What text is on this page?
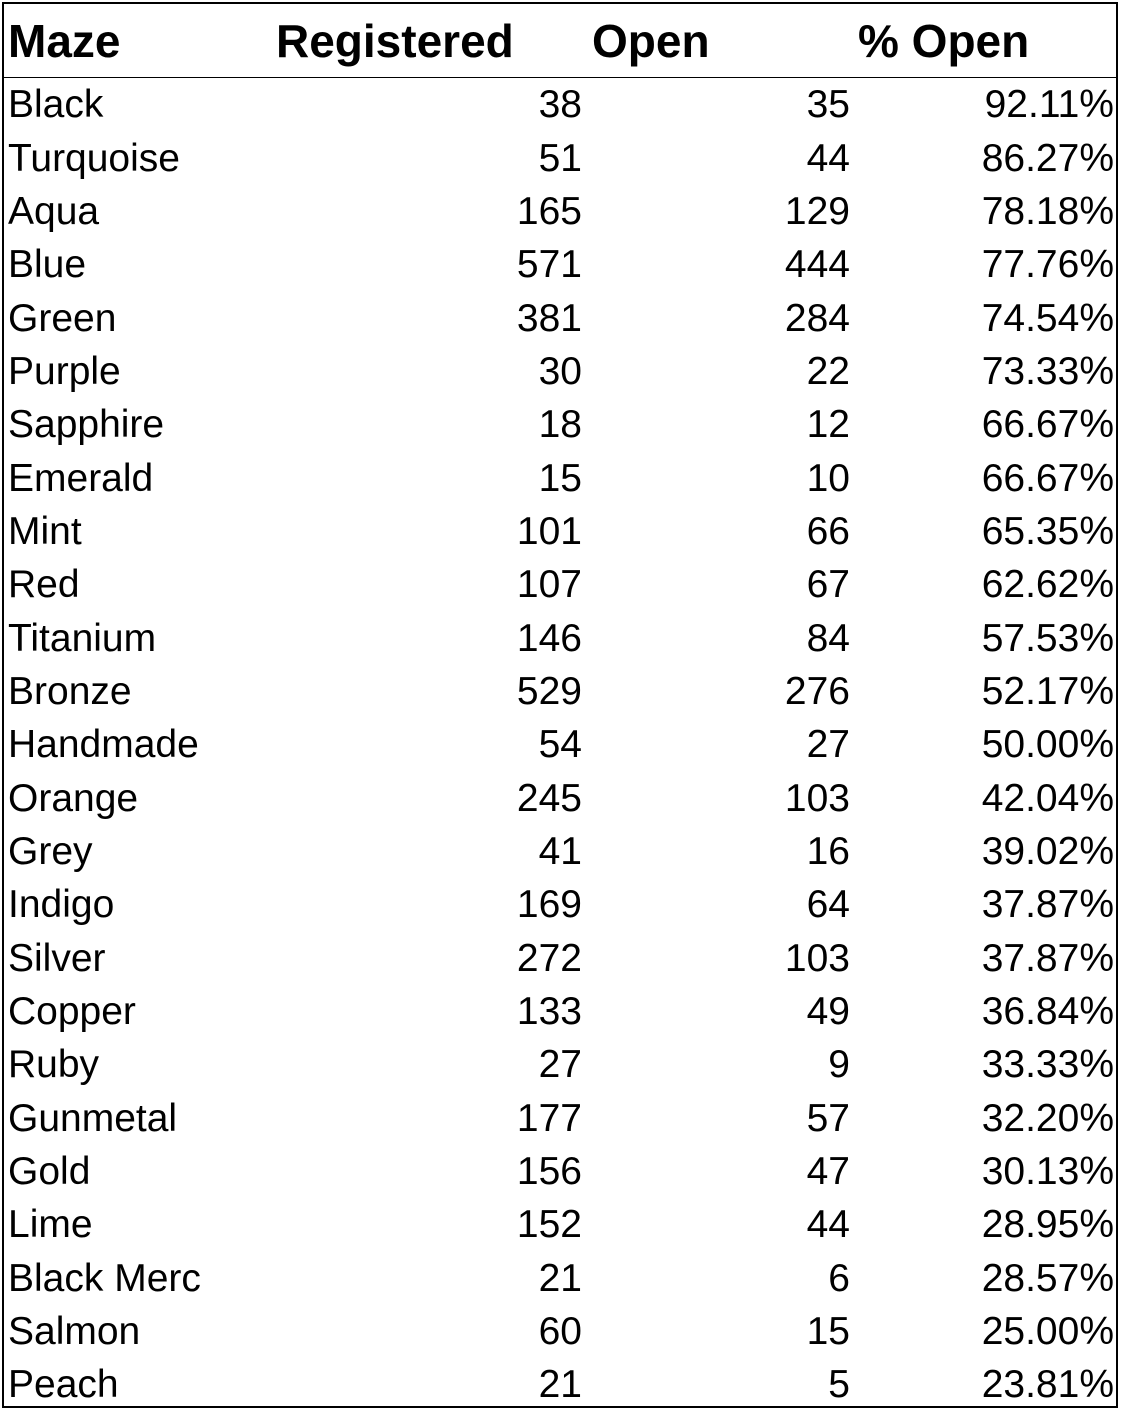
Maze	Registered	Open	% Open
Black	38	35	92.11%
Turquoise	51	44	86.27%
Aqua	165	129	78.18%
Blue	571	444	77.76%
Green	381	284	74.54%
Purple	30	22	73.33%
Sapphire	18	12	66.67%
Emerald	15	10	66.67%
Mint	101	66	65.35%
Red	107	67	62.62%
Titanium	146	84	57.53%
Bronze	529	276	52.17%
Handmade	54	27	50.00%
Orange	245	103	42.04%
Grey	41	16	39.02%
Indigo	169	64	37.87%
Silver	272	103	37.87%
Copper	133	49	36.84%
Ruby	27	9	33.33%
Gunmetal	177	57	32.20%
Gold	156	47	30.13%
Lime	152	44	28.95%
Black Merc	21	6	28.57%
Salmon	60	15	25.00%
Peach	21	5	23.81%
